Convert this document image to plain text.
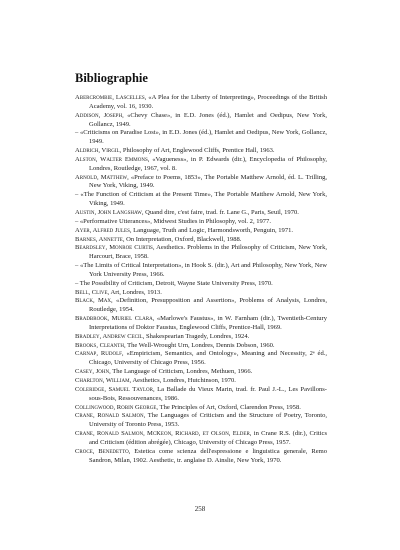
Bibliographie

Abercrombie, Lascelles, «A Plea for the Liberty of Interpreting», Proceedings of the British Academy, vol. 16, 1930.

Addison, Joseph, «Chevy Chase», in E.D. Jones (éd.), Hamlet and Oedipus, New York, Gollancz, 1949.

– «Criticisms on Paradise Lost», in E.D. Jones (éd.), Hamlet and Oedipus, New York, Gollancz, 1949.

Aldrich, Virgil, Philosophy of Art, Englewood Cliffs, Prentice Hall, 1963.

Alston, Walter Emmons, «Vagueness», in P. Edwards (dir.), Encyclopedia of Philosophy, Londres, Routledge, 1967, vol. 8.

Arnold, Matthew, «Preface to Poems, 1853», The Portable Matthew Arnold, éd. L. Trilling, New York, Viking, 1949.

– «The Function of Criticism at the Present Time», The Portable Matthew Arnold, New York, Viking, 1949.

Austin, John Langshaw, Quand dire, c'est faire, trad. fr. Lane G., Paris, Seuil, 1970.

– «Performative Utterances», Midwest Studies in Philosophy, vol. 2, 1977.

Ayer, Alfred Jules, Language, Truth and Logic, Harmondsworth, Penguin, 1971.

Barnes, Annette, On Interpretation, Oxford, Blackwell, 1988.

Beardsley, Monroe Curtis, Aesthetics. Problems in the Philosophy of Criticism, New York, Harcourt, Brace, 1958.

– «The Limits of Critical Interpretation», in Hook S. (dir.), Art and Philosophy, New York, New York University Press, 1966.

– The Possibility of Criticism, Detroit, Wayne State University Press, 1970.

Bell, Clive, Art, Londres, 1913.

Black, Max, «Definition, Presupposition and Assertion», Problems of Analysis, Londres, Routledge, 1954.

Bradbrook, Muriel Clara, «Marlowe's Faustus», in W. Farnham (dir.), Twentieth-Century Interpretations of Doktor Faustus, Englewood Cliffs, Prentice-Hall, 1969.

Bradley, Andrew Cecil, Shakespearian Tragedy, Londres, 1924.

Brooks, Cleanth, The Well-Wrought Urn, Londres, Dennis Dobson, 1960.

Carnap, Rudolf, «Empiricism, Semantics, and Ontology», Meaning and Necessity, 2ᵉ éd., Chicago, University of Chicago Press, 1956.

Casey, John, The Language of Criticism, Londres, Methuen, 1966.

Charlton, William, Aesthetics, Londres, Hutchinson, 1970.

Coleridge, Samuel Taylor, La Ballade du Vieux Marin, trad. fr. Paul J.-L., Les Pavillons-sous-Bois, Ressouvenances, 1986.

Collingwood, Robin George, The Principles of Art, Oxford, Clarendon Press, 1958.

Crane, Ronald Salmon, The Languages of Criticism and the Structure of Poetry, Toronto, University of Toronto Press, 1953.

Crane, Ronald Salmon, McKeon, Richard, et Olson, Elder, in Crane R.S. (dir.), Critics and Criticism (édition abrégée), Chicago, University of Chicago Press, 1957.

Croce, Benedetto, Estetica come scienza dell'espressione e linguistica generale, Remo Sandron, Milan, 1902. Aesthetic, tr. anglaise D. Ainslie, New York, 1970.

258
